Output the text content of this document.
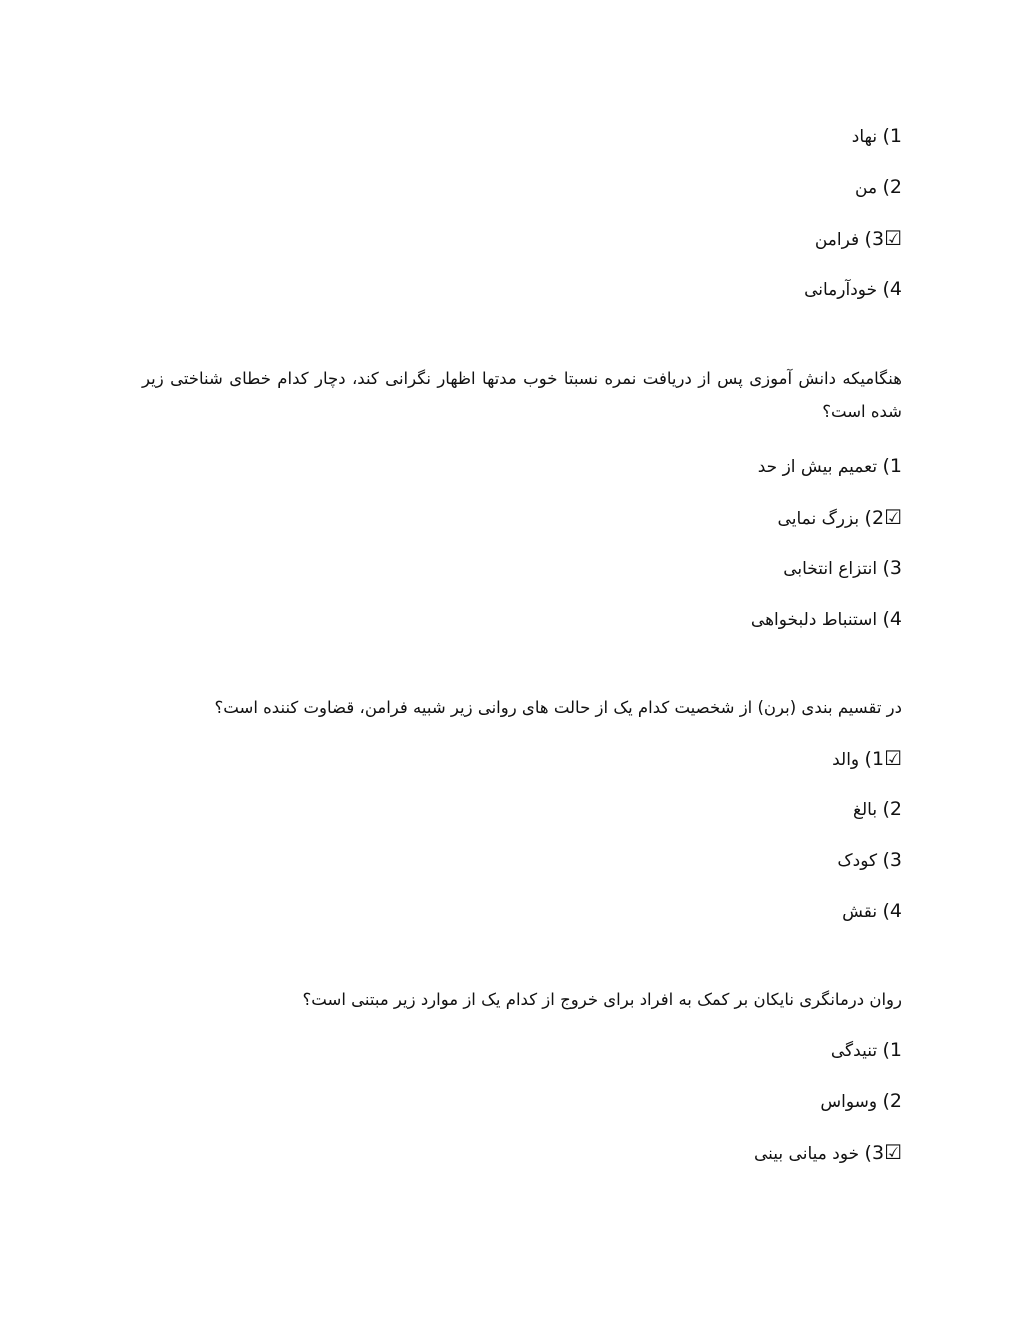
1) نهاد

2) من

☑3) فرامن

4) خودآرمانی

هنگامیکه دانش آموزی پس از دریافت نمره نسبتا خوب مدتها اظهار نگرانی کند، دچار کدام خطای شناختی زیر شده است؟

1) تعمیم بیش از حد

☑2) بزرگ نمایی

3) انتزاع انتخابی

4) استنباط دلبخواهی

در تقسیم بندی (برن) از شخصیت کدام یک از حالت های روانی زیر شبیه فرامن، قضاوت کننده است؟

☑1) والد

2) بالغ

3) کودک

4) نقش

روان درمانگری نایکان بر کمک به افراد برای خروج از کدام یک از موارد زیر مبتنی است؟

1) تنیدگی

2) وسواس

☑3) خود میانی بینی
